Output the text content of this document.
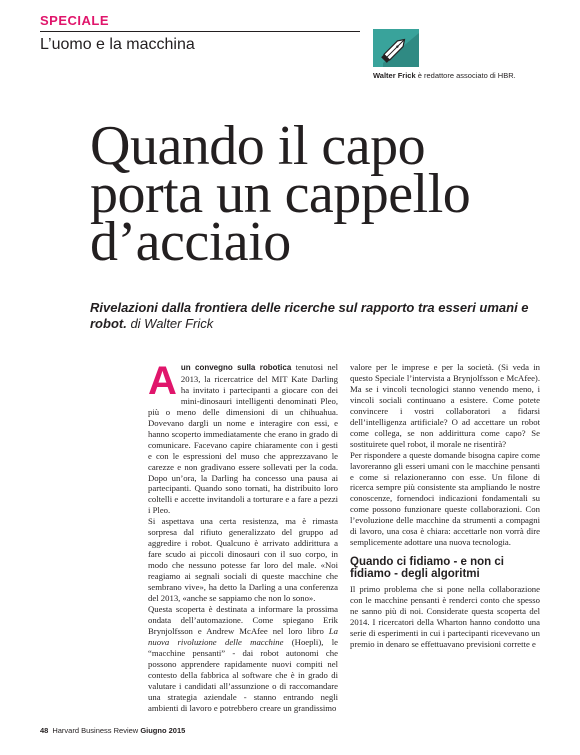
SPECIALE
L’uomo e la macchina
Walter Frick è redattore associato di HBR.
Quando il capo
porta un cappello
d’acciaio
Rivelazioni dalla frontiera delle ricerche sul rapporto tra esseri umani e robot. di Walter Frick

Aun convegno sulla robotica tenutosi nel 2013, la ricercatrice del MIT Kate Darling ha invitato i partecipanti a giocare con dei mini-dinosauri intelligenti denominati Pleo, più o meno delle dimensioni di un chihuahua. Dovevano dargli un nome e interagire con essi, e hanno scoperto immediatamente che erano in grado di comunicare. Facevano capire chiaramente con i gesti e con le espressioni del muso che apprezzavano le carezze e non gradivano essere sollevati per la coda. Dopo un’ora, la Darling ha concesso una pausa ai partecipanti. Quando sono tornati, ha distribuito loro coltelli e accette invitandoli a torturare e a fare a pezzi i Pleo.

Si aspettava una certa resistenza, ma è rimasta sorpresa dal rifiuto generalizzato del gruppo ad aggredire i robot. Qualcuno è arrivato addirittura a fare scudo ai piccoli dinosauri con il suo corpo, in modo che nessuno potesse far loro del male. «Noi reagiamo ai segnali sociali di queste macchine che sembrano vive», ha detto la Darling a una conferenza del 2013, «anche se sappiamo che non lo sono».

Questa scoperta è destinata a informare la prossima ondata dell’automazione. Come spiegano Erik Brynjolfsson e Andrew McAfee nel loro libro La nuova rivoluzione delle macchine (Hoepli), le “macchine pensanti” - dai robot autonomi che possono apprendere rapidamente nuovi compiti nel contesto della fabbrica al software che è in grado di valutare i candidati all’assunzione o di raccomandare una strategia aziendale - stanno entrando negli ambienti di lavoro e potrebbero creare un grandissimo

valore per le imprese e per la società. (Si veda in questo Speciale l’intervista a Brynjolfsson e McAfee). Ma se i vincoli tecnologici stanno venendo meno, i vincoli sociali continuano a esistere. Come potete convincere i vostri collaboratori a fidarsi dell’intelligenza artificiale? O ad accettare un robot come collega, se non addirittura come capo? Se sostituirete quel robot, il morale ne risentirà?

Per rispondere a queste domande bisogna capire come lavoreranno gli esseri umani con le macchine pensanti e come si relazioneranno con esse. Un filone di ricerca sempre più consistente sta ampliando le nostre conoscenze, fornendoci indicazioni fondamentali su come possono funzionare queste collaborazioni. Con l’evoluzione delle macchine da strumenti a compagni di lavoro, una cosa è chiara: accettarle non vorrà dire semplicemente adottare una nuova tecnologia.

Quando ci fidiamo - e non ci fidiamo - degli algoritmi

Il primo problema che si pone nella collaborazione con le macchine pensanti è renderci conto che spesso ne sanno più di noi. Considerate questa scoperta del 2014. I ricercatori della Wharton hanno condotto una serie di esperimenti in cui i partecipanti ricevevano un premio in denaro se effettuavano previsioni corrette e

48 Harvard Business Review Giugno 2015
